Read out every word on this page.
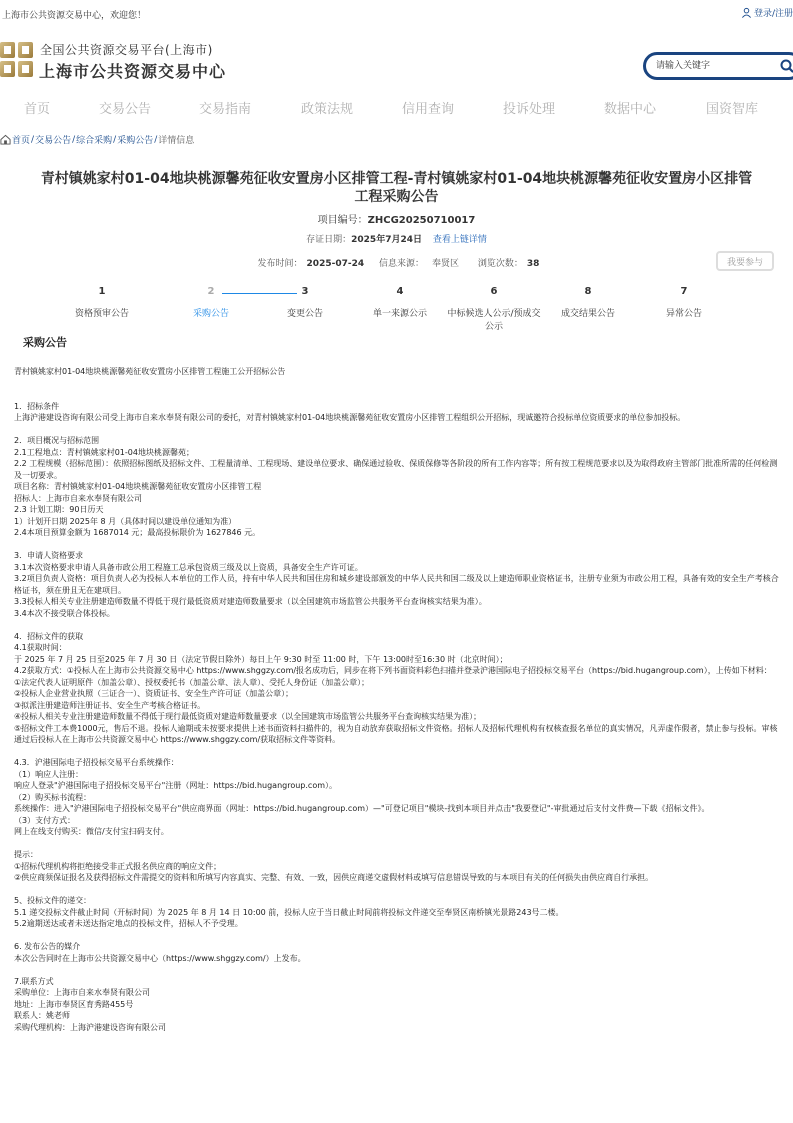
上海市公共资源交易中心，欢迎您！	登录/注册
全国公共资源交易平台(上海市)
上海市公共资源交易中心
请输入关键字
首页	交易公告	交易指南	政策法规	信用查询	投诉处理	数据中心	国资智库
首页 / 交易公告 / 综合采购 / 采购公告 / 详情信息
青村镇姚家村01-04地块桃源馨苑征收安置房小区排管工程-青村镇姚家村01-04地块桃源馨苑征收安置房小区排管工程采购公告
项目编号：ZHCG20250710017
存证日期：2025年7月24日 查看上链详情
发布时间： 2025-07-24 信息来源： 奉贤区 浏览次数： 38	我要参与
1
资格预审公告
2
采购公告
3
变更公告
4
单一来源公示
6
中标候选人公示/预成交公示
8
成交结果公告
7
异常公告
采购公告

青村镇姚家村01-04地块桃源馨苑征收安置房小区排管工程施工公开招标公告

1．招标条件

上海沪港建设咨询有限公司受上海市自来水奉贤有限公司的委托，对青村镇姚家村01-04地块桃源馨苑征收安置房小区排管工程组织公开招标，现诚邀符合投标单位资质要求的单位参加投标。

2．项目概况与招标范围

2.1工程地点：青村镇姚家村01-04地块桃源馨苑；

2.2 工程规模（招标范围）：依照招标图纸及招标文件、工程量清单、工程现场、建设单位要求、确保通过验收、保质保修等各阶段的所有工作内容等；所有按工程规范要求以及为取得政府主管部门批准所需的任何检测及一切要求。

项目名称：青村镇姚家村01-04地块桃源馨苑征收安置房小区排管工程

招标人：上海市自来水奉贤有限公司

2.3 计划工期：90日历天

1）计划开日期 2025年 8 月（具体时间以建设单位通知为准）

2.4本项目预算金额为 1687014 元；最高投标限价为 1627846 元。

3．申请人资格要求

3.1本次资格要求申请人具备市政公用工程施工总承包资质三级及以上资质，具备安全生产许可证。

3.2项目负责人资格：项目负责人必为投标人本单位的工作人员，持有中华人民共和国住房和城乡建设部颁发的中华人民共和国二级及以上建造师职业资格证书，注册专业须为市政公用工程，具备有效的安全生产考核合格证书，须在册且无在建项目。

3.3投标人相关专业注册建造师数量不得低于现行最低资质对建造师数量要求（以全国建筑市场监管公共服务平台查询核实结果为准）。

3.4本次不接受联合体投标。

4．招标文件的获取

4.1获取时间：

于 2025 年 7 月 25 日至2025 年 7 月 30 日（法定节假日除外）每日上午 9:30 时至 11:00 时，下午 13:00时至16:30 时（北京时间）；

4.2获取方式：①投标人在上海市公共资源交易中心 https://www.shggzy.com/报名成功后，同步在将下列书面资料彩色扫描并登录沪港国际电子招投标交易平台（https://bid.hugangroup.com），上传如下材料：

①法定代表人证明原件（加盖公章）、授权委托书（加盖公章、法人章）、受托人身份证（加盖公章）；

②投标人企业营业执照（三证合一）、资质证书、安全生产许可证（加盖公章）；

③拟派注册建造师注册证书、安全生产考核合格证书。

④投标人相关专业注册建造师数量不得低于现行最低资质对建造师数量要求（以全国建筑市场监管公共服务平台查询核实结果为准）；

⑤招标文件工本费1000元，售后不退。投标人逾期或未按要求提供上述书面资料扫描件的，视为自动放弃获取招标文件资格。招标人及招标代理机构有权核查报名单位的真实情况，凡弄虚作假者，禁止参与投标。审核通过后投标人在上海市公共资源交易中心 https://www.shggzy.com/获取招标文件等资料。

4.3．沪港国际电子招投标交易平台系统操作：

（1）响应人注册：

响应人登录"沪港国际电子招投标交易平台"注册（网址：https://bid.hugangroup.com）。

（2）购买标书流程：

系统操作：进入"沪港国际电子招投标交易平台"供应商界面（网址：https://bid.hugangroup.com）—"可登记项目"模块-找到本项目并点击"我要登记"-审批通过后支付文件费—下载《招标文件》。

（3）支付方式：

网上在线支付购买：微信/支付宝扫码支付。

提示：

①招标代理机构将拒绝接受非正式报名供应商的响应文件；

②供应商须保证报名及获得招标文件需提交的资料和所填写内容真实、完整、有效、一致，因供应商递交虚假材料或填写信息错误导致的与本项目有关的任何损失由供应商自行承担。

5、投标文件的递交：

5.1 递交投标文件截止时间（开标时间）为 2025 年 8 月 14 日 10:00 前，投标人应于当日截止时间前将投标文件递交至奉贤区南桥镇光景路243号二楼。

5.2逾期送达或者未送达指定地点的投标文件，招标人不予受理。

6. 发布公告的媒介

本次公告同时在上海市公共资源交易中心（https://www.shggzy.com/）上发布。

7.联系方式

采购单位：上海市自来水奉贤有限公司

地址：上海市奉贤区育秀路455号

联系人：姚老师

采购代理机构：上海沪港建设咨询有限公司
